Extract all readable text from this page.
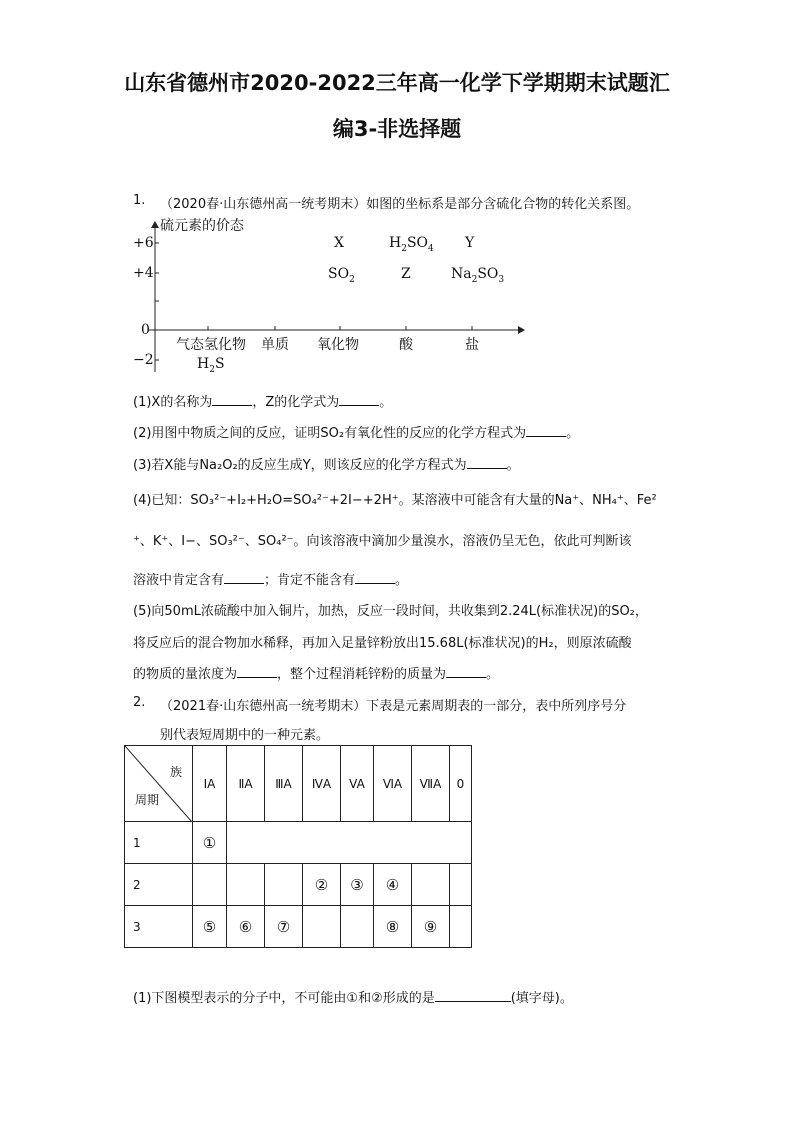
山东省德州市2020-2022三年高一化学下学期期末试题汇
编3-非选择题
1. （2020春·山东德州高一统考期末）如图的坐标系是部分含硫化合物的转化关系图。
硫元素的价态
+6
+4
0
−2
气态氢化物 单质 氧化物	酸	盐
X	$H_2SO_4$ Y
$SO_2$	Z	$Na_2SO_3$
$H_2S$
(1)X的名称为	，Z的化学式为	。
(2)用图中物质之间的反应，证明SO₂有氧化性的反应的化学方程式为	。
(3)若X能与Na₂O₂的反应生成Y，则该反应的化学方程式为	。
(4)已知：SO₃²⁻+I₂+H₂O=SO₄²⁻+2I−+2H⁺。某溶液中可能含有大量的Na⁺、NH₄⁺、Fe²
⁺、K⁺、I−、SO₃²⁻、SO₄²⁻。向该溶液中滴加少量溴水，溶液仍呈无色，依此可判断该
溶液中肯定含有	；肯定不能含有	。
(5)向50mL浓硫酸中加入铜片，加热，反应一段时间，共收集到2.24L(标准状况)的SO₂，
将反应后的混合物加水稀释，再加入足量锌粉放出15.68L(标准状况)的H₂，则原浓硫酸
的物质的量浓度为	，整个过程消耗锌粉的质量为	。
2. （2021春·山东德州高一统考期末）下表是元素周期表的一部分，表中所列序号分
别代表短周期中的一种元素。
族
周期	IA	ⅡA	ⅢA	ⅣA	VA	ⅥA	ⅦA	0
1	①							
2				②	③	④		
3	⑤	⑥	⑦			⑧	⑨	
(1)下图模型表示的分子中，不可能由①和②形成的是	(填字母)。
